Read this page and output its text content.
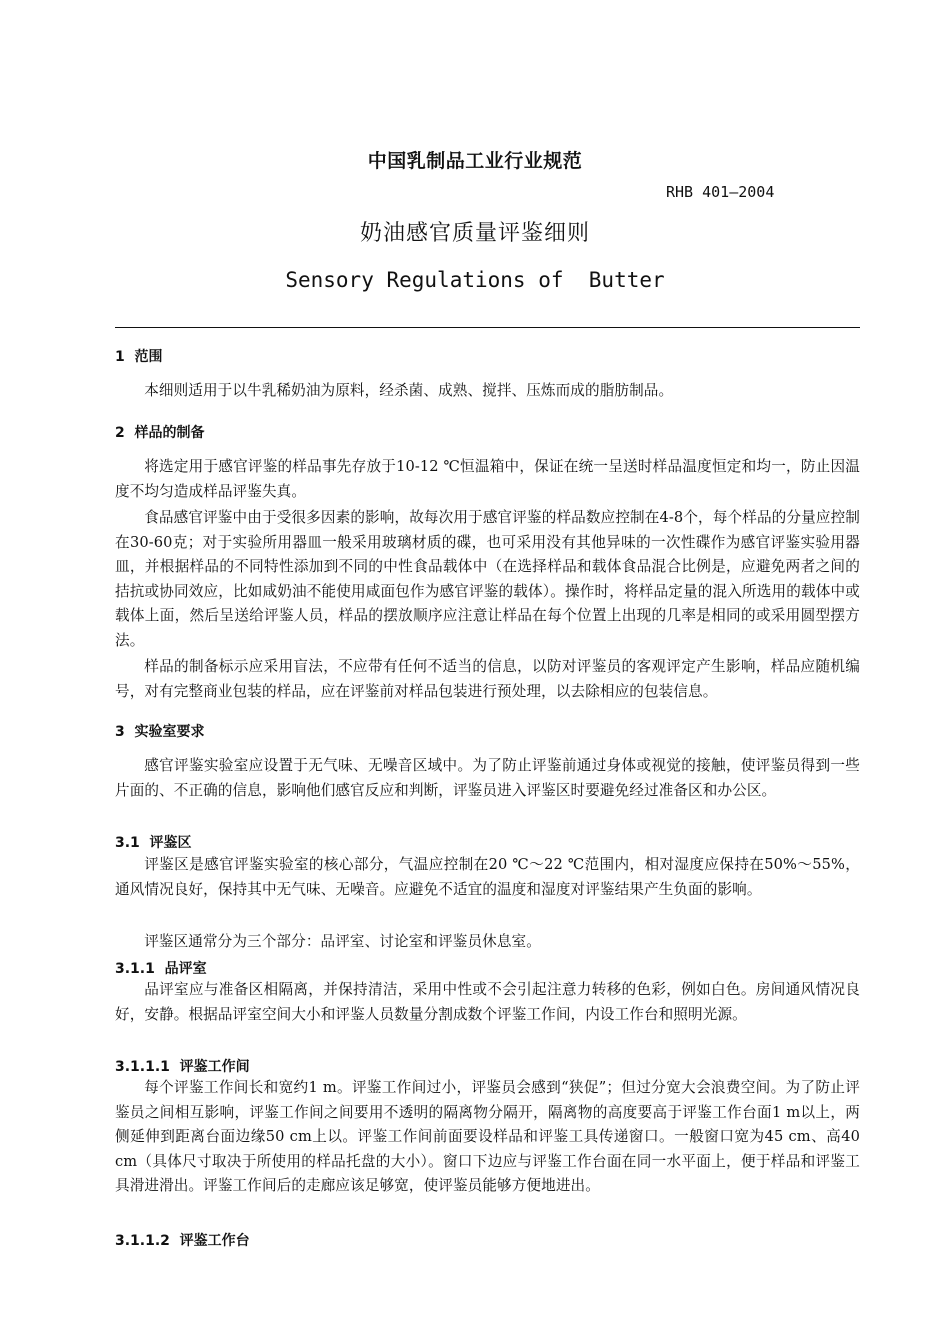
中国乳制品工业行业规范
RHB 401—2004
奶油感官质量评鉴细则
Sensory Regulations of  Butter
1  范围
本细则适用于以牛乳稀奶油为原料，经杀菌、成熟、搅拌、压炼而成的脂肪制品。
2  样品的制备
将选定用于感官评鉴的样品事先存放于10-12 ℃恒温箱中，保证在统一呈送时样品温度恒定和均一，防止因温度不均匀造成样品评鉴失真。
食品感官评鉴中由于受很多因素的影响，故每次用于感官评鉴的样品数应控制在4-8个，每个样品的分量应控制在30-60克；对于实验所用器皿一般采用玻璃材质的碟，也可采用没有其他异味的一次性碟作为感官评鉴实验用器皿，并根据样品的不同特性添加到不同的中性食品载体中（在选择样品和载体食品混合比例是，应避免两者之间的拮抗或协同效应，比如咸奶油不能使用咸面包作为感官评鉴的载体）。操作时，将样品定量的混入所选用的载体中或载体上面，然后呈送给评鉴人员，样品的摆放顺序应注意让样品在每个位置上出现的几率是相同的或采用圆型摆方法。
样品的制备标示应采用盲法，不应带有任何不适当的信息，以防对评鉴员的客观评定产生影响，样品应随机编号，对有完整商业包装的样品，应在评鉴前对样品包装进行预处理，以去除相应的包装信息。
3  实验室要求
感官评鉴实验室应设置于无气味、无噪音区域中。为了防止评鉴前通过身体或视觉的接触，使评鉴员得到一些片面的、不正确的信息，影响他们感官反应和判断，评鉴员进入评鉴区时要避免经过准备区和办公区。
3.1  评鉴区
评鉴区是感官评鉴实验室的核心部分，气温应控制在20 ℃～22 ℃范围内，相对湿度应保持在50%～55%，通风情况良好，保持其中无气味、无噪音。应避免不适宜的温度和湿度对评鉴结果产生负面的影响。
评鉴区通常分为三个部分：品评室、讨论室和评鉴员休息室。
3.1.1  品评室
品评室应与准备区相隔离，并保持清洁，采用中性或不会引起注意力转移的色彩，例如白色。房间通风情况良好，安静。根据品评室空间大小和评鉴人员数量分割成数个评鉴工作间，内设工作台和照明光源。
3.1.1.1  评鉴工作间
每个评鉴工作间长和宽约1 m。评鉴工作间过小，评鉴员会感到“狭促”；但过分宽大会浪费空间。为了防止评鉴员之间相互影响，评鉴工作间之间要用不透明的隔离物分隔开，隔离物的高度要高于评鉴工作台面1 m以上，两侧延伸到距离台面边缘50 cm上以。评鉴工作间前面要设样品和评鉴工具传递窗口。一般窗口宽为45 cm、高40 cm（具体尺寸取决于所使用的样品托盘的大小）。窗口下边应与评鉴工作台面在同一水平面上，便于样品和评鉴工具滑进滑出。评鉴工作间后的走廊应该足够宽，使评鉴员能够方便地进出。
3.1.1.2  评鉴工作台
